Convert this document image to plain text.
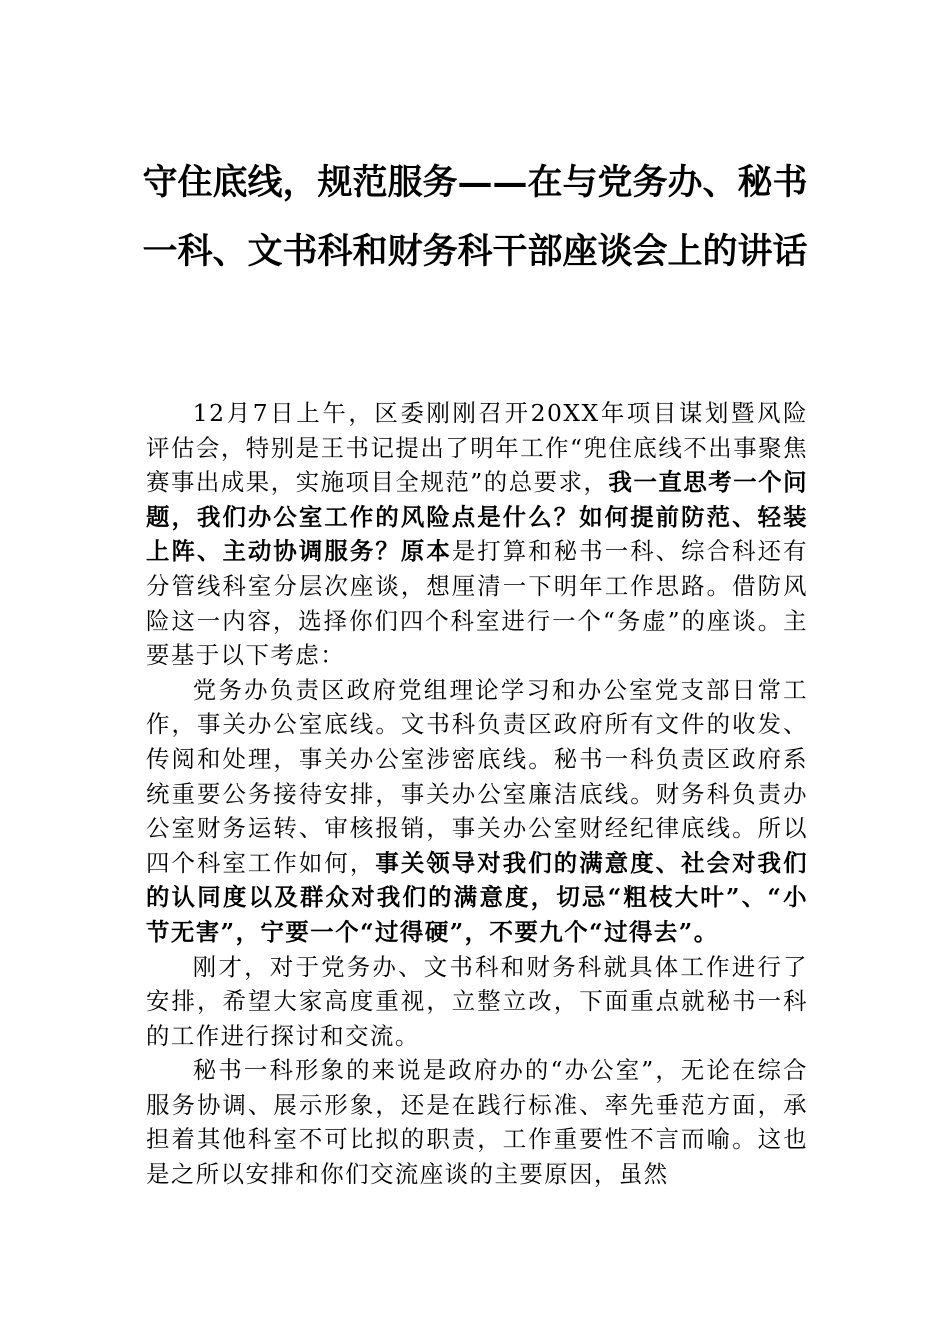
守住底线，规范服务——在与党务办、秘书一科、文书科和财务科干部座谈会上的讲话

12月7日上午，区委刚刚召开20XX年项目谋划暨风险评估会，特别是王书记提出了明年工作“兜住底线不出事聚焦赛事出成果，实施项目全规范”的总要求，我一直思考一个问题，我们办公室工作的风险点是什么？如何提前防范、轻装上阵、主动协调服务？原本是打算和秘书一科、综合科还有分管线科室分层次座谈，想厘清一下明年工作思路。借防风险这一内容，选择你们四个科室进行一个“务虚”的座谈。主要基于以下考虑：

党务办负责区政府党组理论学习和办公室党支部日常工作，事关办公室底线。文书科负责区政府所有文件的收发、传阅和处理，事关办公室涉密底线。秘书一科负责区政府系统重要公务接待安排，事关办公室廉洁底线。财务科负责办公室财务运转、审核报销，事关办公室财经纪律底线。所以四个科室工作如何，事关领导对我们的满意度、社会对我们的认同度以及群众对我们的满意度，切忌“粗枝大叶”、“小节无害”，宁要一个“过得硬”，不要九个“过得去”。

刚才，对于党务办、文书科和财务科就具体工作进行了安排，希望大家高度重视，立整立改，下面重点就秘书一科的工作进行探讨和交流。

秘书一科形象的来说是政府办的“办公室”，无论在综合服务协调、展示形象，还是在践行标准、率先垂范方面，承担着其他科室不可比拟的职责，工作重要性不言而喻。这也是之所以安排和你们交流座谈的主要原因，虽然
